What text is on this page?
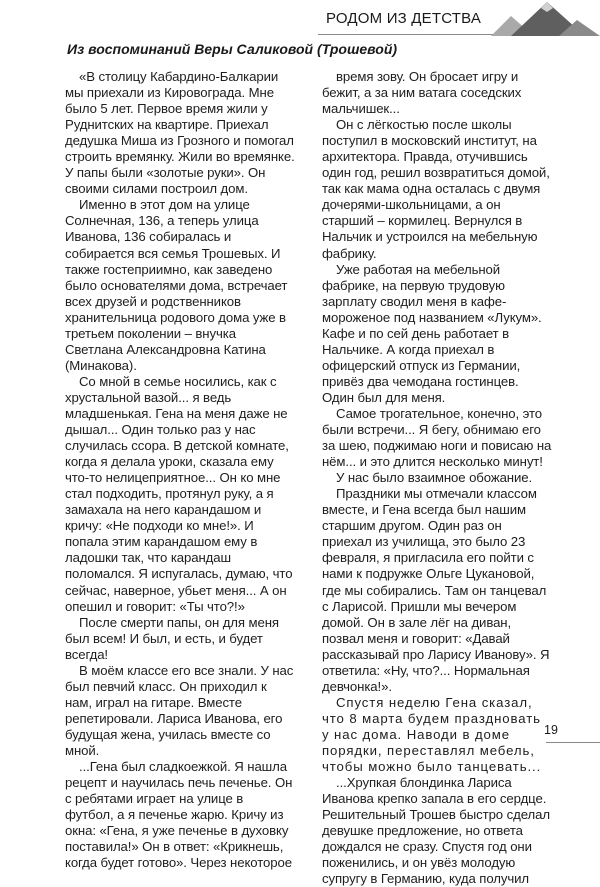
РОДОМ ИЗ ДЕТСТВА
Из воспоминаний Веры Саликовой (Трошевой)

«В столицу Кабардино-Балкарии мы приехали из Кировограда. Мне было 5 лет. Первое время жили у Руднитских на квартире. Приехал дедушка Миша из Грозного и помогал строить времянку. Жили во времянке. У папы были «золотые руки». Он своими силами построил дом.

Именно в этот дом на улице Солнечная, 136, а теперь улица Иванова, 136 собиралась и собирается вся семья Трошевых. И также гостеприимно, как заведено было основателями дома, встречает всех друзей и родственников хранительница родового дома уже в третьем поколении – внучка Светлана Александровна Катина (Минакова).

Со мной в семье носились, как с хрустальной вазой... я ведь младшенькая. Гена на меня даже не дышал... Один только раз у нас случилась ссора. В детской комнате, когда я делала уроки, сказала ему что-то нелицеприятное... Он ко мне стал подходить, протянул руку, а я замахала на него карандашом и кричу: «Не подходи ко мне!». И попала этим карандашом ему в ладошки так, что карандаш поломался. Я испугалась, думаю, что сейчас, наверное, убьет меня... А он опешил и говорит: «Ты что?!»

После смерти папы, он для меня был всем! И был, и есть, и будет всегда!

В моём классе его все знали. У нас был певчий класс. Он приходил к нам, играл на гитаре. Вместе репетировали. Лариса Иванова, его будущая жена, училась вместе со мной.

...Гена был сладкоежкой. Я нашла рецепт и научилась печь печенье. Он с ребятами играет на улице в футбол, а я печенье жарю. Кричу из окна: «Гена, я уже печенье в духовку поставила!» Он в ответ: «Крикнешь, когда будет готово». Через некоторое

время зову. Он бросает игру и бежит, а за ним ватага соседских мальчишек...

Он с лёгкостью после школы поступил в московский институт, на архитектора. Правда, отучившись один год, решил возвратиться домой, так как мама одна осталась с двумя дочерями-школьницами, а он старший – кормилец. Вернулся в Нальчик и устроился на мебельную фабрику.

Уже работая на мебельной фабрике, на первую трудовую зарплату сводил меня в кафе-мороженое под названием «Лукум». Кафе и по сей день работает в Нальчике. А когда приехал в офицерский отпуск из Германии, привёз два чемодана гостинцев. Один был для меня.

Самое трогательное, конечно, это были встречи... Я бегу, обнимаю его за шею, поджимаю ноги и повисаю на нём... и это длится несколько минут!

У нас было взаимное обожание.

Праздники мы отмечали классом вместе, и Гена всегда был нашим старшим другом. Один раз он приехал из училища, это было 23 февраля, я пригласила его пойти с нами к подружке Ольге Цукановой, где мы собирались. Там он танцевал с Ларисой. Пришли мы вечером домой. Он в зале лёг на диван, позвал меня и говорит: «Давай рассказывай про Ларису Иванову». Я ответила: «Ну, что?... Нормальная девчонка!».

Спустя неделю Гена сказал, что 8 марта будем праздновать у нас дома. Наводи в доме порядки, переставлял мебель, чтобы можно было танцевать...

...Хрупкая блондинка Лариса Иванова крепко запала в его сердце. Решительный Трошев быстро сделал девушке предложение, но ответа дождался не сразу. Спустя год они поженились, и он увёз молодую супругу в Германию, куда получил

19
